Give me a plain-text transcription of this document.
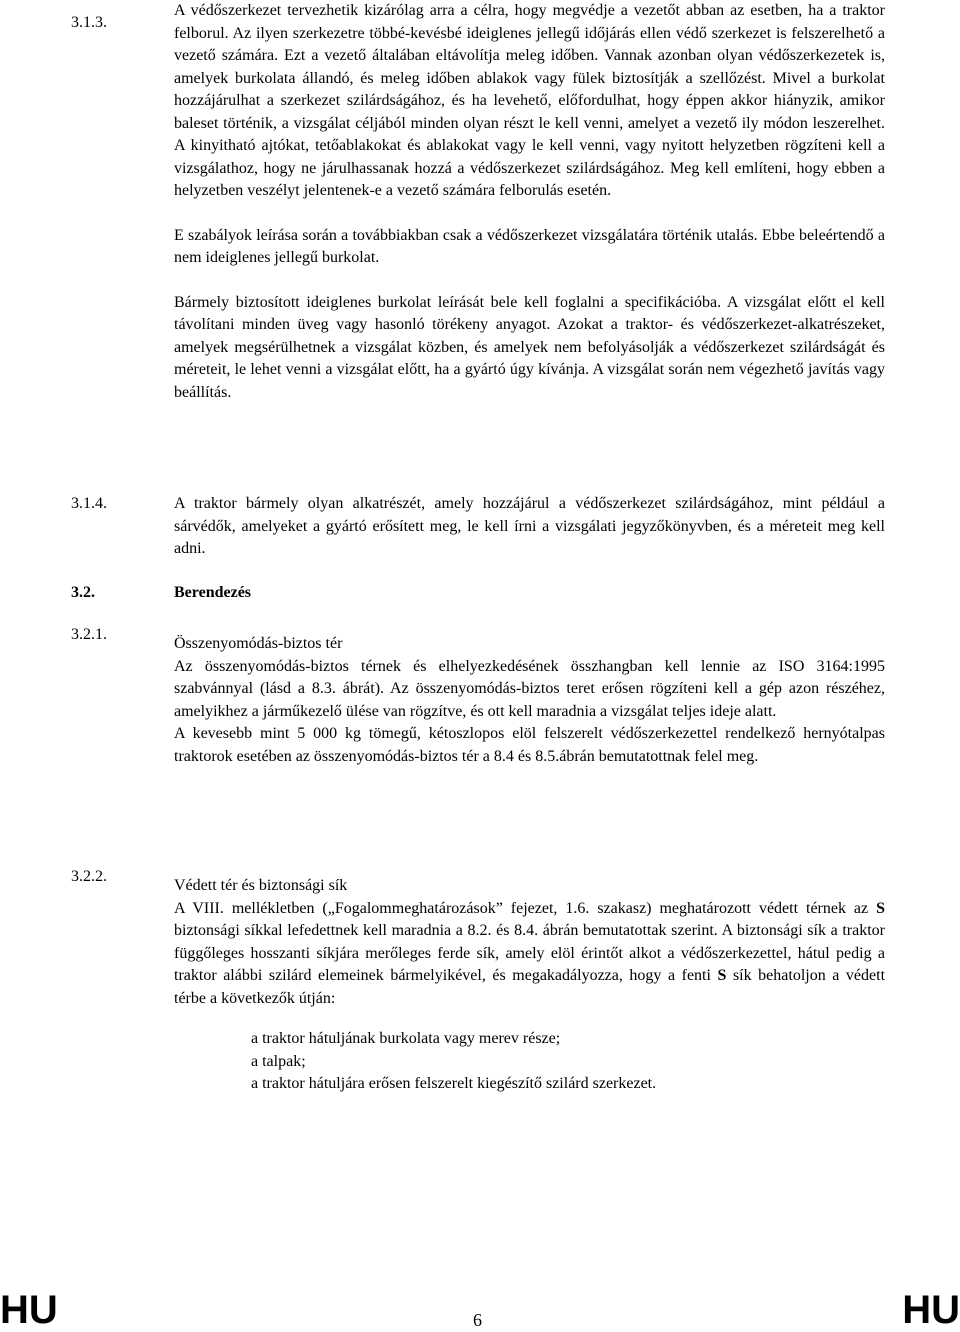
3.1.3.

A védőszerkezet tervezhetik kizárólag arra a célra, hogy megvédje a vezetőt abban az esetben, ha a traktor felborul. Az ilyen szerkezetre többé-kevésbé ideiglenes jellegű időjárás ellen védő szerkezet is felszerelhető a vezető számára. Ezt a vezető általában eltávolítja meleg időben. Vannak azonban olyan védőszerkezetek is, amelyek burkolata állandó, és meleg időben ablakok vagy fülek biztosítják a szellőzést. Mivel a burkolat hozzájárulhat a szerkezet szilárdságához, és ha levehető, előfordulhat, hogy éppen akkor hiányzik, amikor baleset történik, a vizsgálat céljából minden olyan részt le kell venni, amelyet a vezető ily módon leszerelhet. A kinyitható ajtókat, tetőablakokat és ablakokat vagy le kell venni, vagy nyitott helyzetben rögzíteni kell a vizsgálathoz, hogy ne járulhassanak hozzá a védőszerkezet szilárdságához. Meg kell említeni, hogy ebben a helyzetben veszélyt jelentenek-e a vezető számára felborulás esetén.

E szabályok leírása során a továbbiakban csak a védőszerkezet vizsgálatára történik utalás. Ebbe beleértendő a nem ideiglenes jellegű burkolat.

Bármely biztosított ideiglenes burkolat leírását bele kell foglalni a specifikációba. A vizsgálat előtt el kell távolítani minden üveg vagy hasonló törékeny anyagot. Azokat a traktor- és védőszerkezet-alkatrészeket, amelyek megsérülhetnek a vizsgálat közben, és amelyek nem befolyásolják a védőszerkezet szilárdságát és méreteit, le lehet venni a vizsgálat előtt, ha a gyártó úgy kívánja. A vizsgálat során nem végezhető javítás vagy beállítás.

3.1.4.	A traktor bármely olyan alkatrészét, amely hozzájárul a védőszerkezet szilárdságához, mint például a sárvédők, amelyeket a gyártó erősített meg, le kell írni a vizsgálati jegyzőkönyvben, és a méreteit meg kell adni.

3.2.	Berendezés
3.2.1.
Összenyomódás-biztos tér

Az összenyomódás-biztos térnek és elhelyezkedésének összhangban kell lennie az ISO 3164:1995 szabvánnyal (lásd a 8.3. ábrát). Az összenyomódás-biztos teret erősen rögzíteni kell a gép azon részéhez, amelyikhez a járműkezelő ülése van rögzítve, és ott kell maradnia a vizsgálat teljes ideje alatt.

A kevesebb mint 5 000 kg tömegű, kétoszlopos elöl felszerelt védőszerkezettel rendelkező hernyótalpas traktorok esetében az összenyomódás-biztos tér a 8.4 és 8.5.ábrán bemutatottnak felel meg.

3.2.2.
Védett tér és biztonsági sík

A VIII. mellékletben („Fogalommeghatározások” fejezet, 1.6. szakasz) meghatározott védett térnek az S biztonsági síkkal lefedettnek kell maradnia a 8.2. és 8.4. ábrán bemutatottak szerint. A biztonsági sík a traktor függőleges hosszanti síkjára merőleges ferde sík, amely elöl érintőt alkot a védőszerkezettel, hátul pedig a traktor alábbi szilárd elemeinek bármelyikével, és megakadályozza, hogy a fenti S sík behatoljon a védett térbe a következők útján:

a traktor hátuljának burkolata vagy merev része;
a talpak;
a traktor hátuljára erősen felszerelt kiegészítő szilárd szerkezet.
HU	6	HU
